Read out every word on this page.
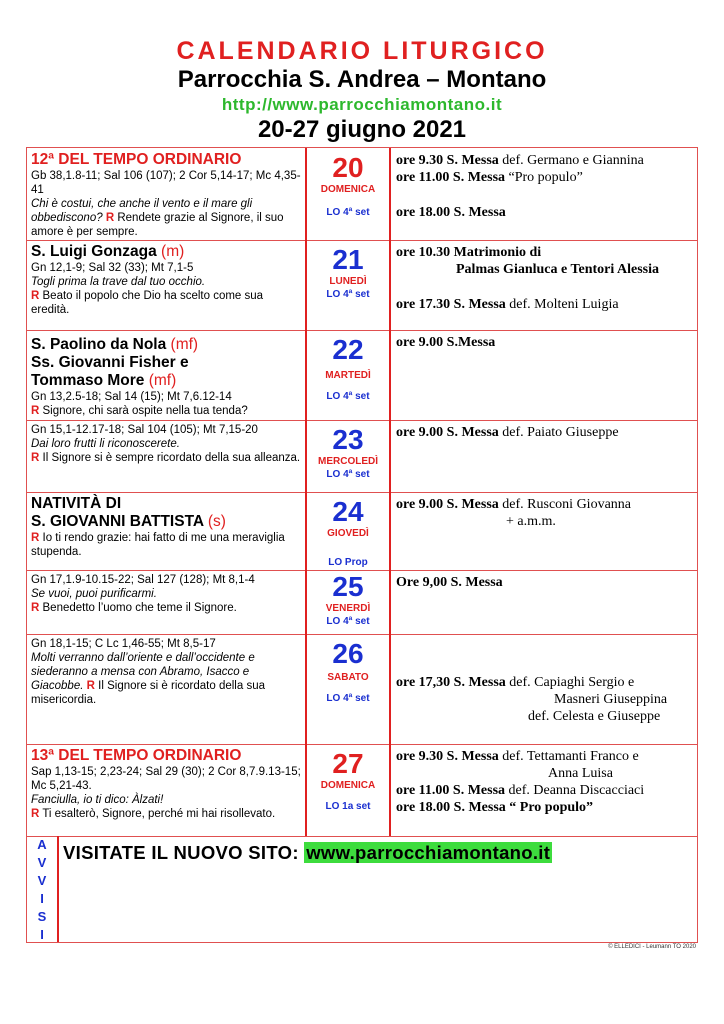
CALENDARIO LITURGICO
Parrocchia S. Andrea – Montano
http://www.parrocchiamontano.it
20-27 giugno 2021
12ª DEL TEMPO ORDINARIO
Gb 38,1.8-11; Sal 106 (107); 2 Cor 5,14-17; Mc 4,35-41
Chi è costui, che anche il vento e il mare gli obbediscono? R Rendete grazie al Signore, il suo amore è per sempre.
20
DOMENICA
LO 4ª set
ore 9.30 S. Messa def. Germano e Giannina
ore 11.00 S. Messa “Pro populo”
ore 18.00 S. Messa
S. Luigi Gonzaga (m)
Gn 12,1-9; Sal 32 (33); Mt 7,1-5
Togli prima la trave dal tuo occhio.
R Beato il popolo che Dio ha scelto come sua eredità.
21
LUNEDÌ
LO 4ª set
ore 10.30 Matrimonio di
Palmas Gianluca e Tentori Alessia
ore 17.30 S. Messa def. Molteni Luigia
S. Paolino da Nola (mf)
Ss. Giovanni Fisher e
Tommaso More (mf)
Gn 13,2.5-18; Sal 14 (15); Mt 7,6.12-14
R Signore, chi sarà ospite nella tua tenda?
22
MARTEDÌ
LO 4ª set
ore 9.00 S.Messa
Gn 15,1-12.17-18; Sal 104 (105); Mt 7,15-20
Dai loro frutti li riconoscerete.
R Il Signore si è sempre ricordato della sua alleanza.
23
MERCOLEDÌ
LO 4ª set
ore 9.00 S. Messa def. Paiato Giuseppe
NATIVITÀ DI
S. GIOVANNI BATTISTA (s)
R Io ti rendo grazie: hai fatto di me una meraviglia stupenda.
24
GIOVEDÌ
LO Prop
ore 9.00 S. Messa def. Rusconi Giovanna
+ a.m.m.
Gn 17,1.9-10.15-22; Sal 127 (128); Mt 8,1-4
Se vuoi, puoi purificarmi.
R Benedetto l’uomo che teme il Signore.
25
VENERDÌ
LO 4ª set
Ore 9,00 S. Messa
Gn 18,1-15; C Lc 1,46-55; Mt 8,5-17
Molti verranno dall’oriente e dall’occidente e siederanno a mensa con Abramo, Isacco e Giacobbe. R Il Signore si è ricordato della sua misericordia.
26
SABATO
LO 4ª set
ore 17,30 S. Messa def. Capiaghi Sergio e
Masneri Giuseppina
def. Celesta e Giuseppe
13ª DEL TEMPO ORDINARIO
Sap 1,13-15; 2,23-24; Sal 29 (30); 2 Cor 8,7.9.13-15; Mc 5,21-43.
Fanciulla, io ti dico: Àlzati!
R Ti esalterò, Signore, perché mi hai risollevato.
27
DOMENICA
LO 1a set
ore 9.30 S. Messa def. Tettamanti Franco e
Anna Luisa
ore 11.00 S. Messa def. Deanna Discacciaci
ore 18.00 S. Messa “ Pro populo”
A
V
V
I
S
I
VISITATE IL NUOVO SITO: www.parrocchiamontano.it
© ELLEDICI - Leumann TO 2020
